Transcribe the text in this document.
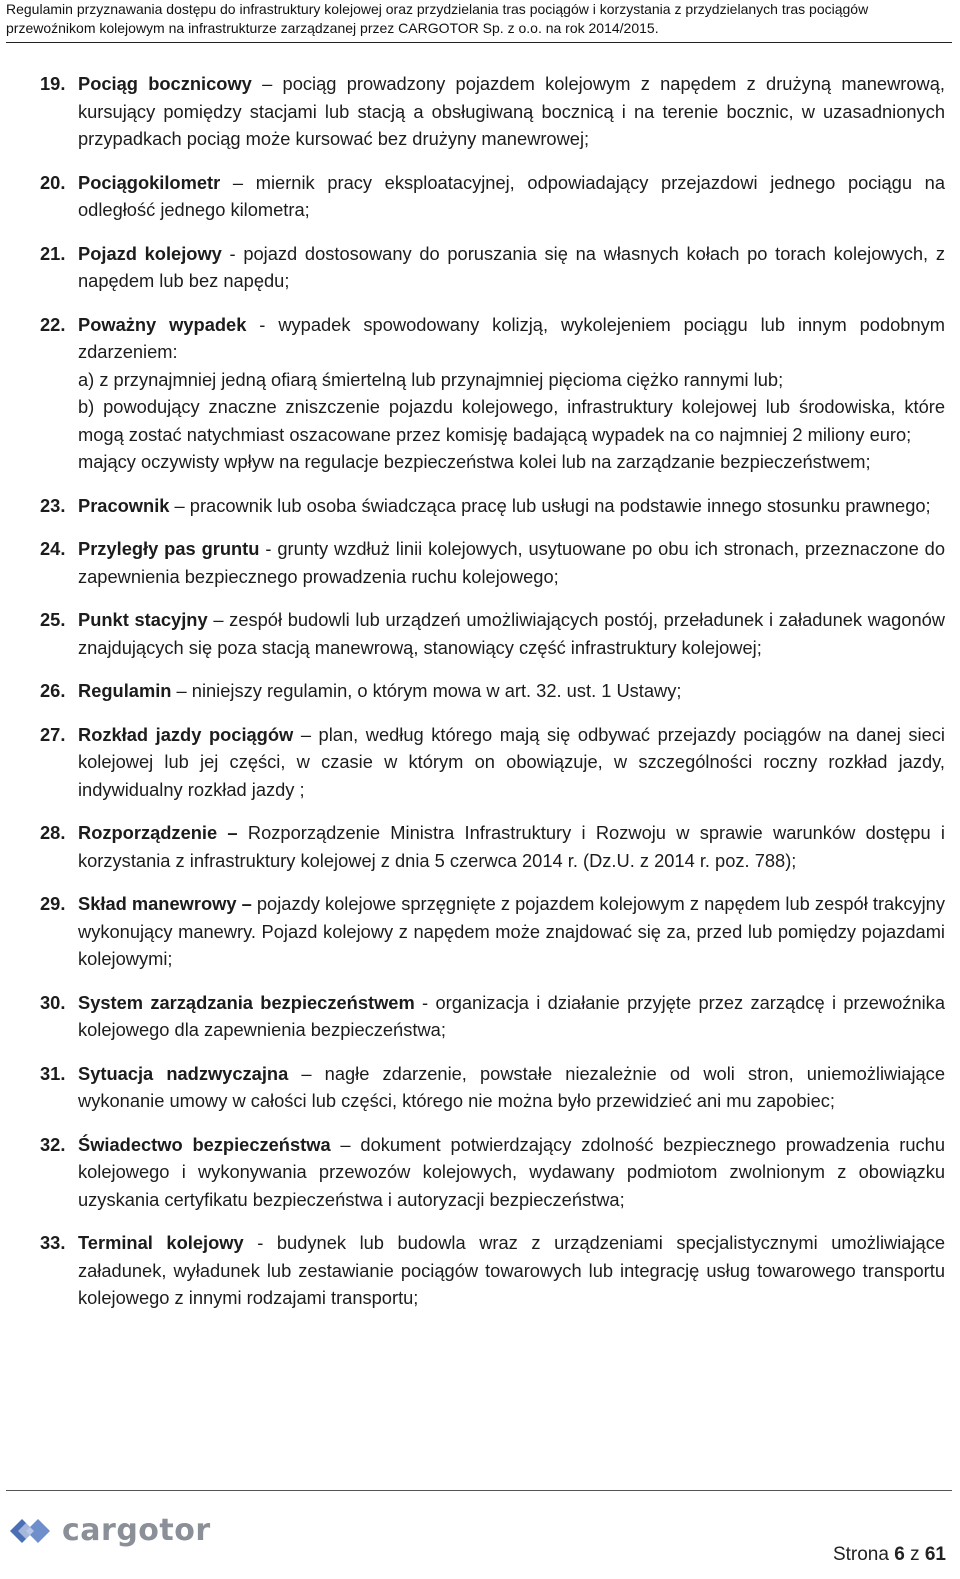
Regulamin przyznawania dostępu do infrastruktury kolejowej oraz przydzielania tras pociągów i korzystania z przydzielanych tras pociągów
przewoźnikom kolejowym na infrastrukturze zarządzanej przez CARGOTOR Sp. z o.o. na rok 2014/2015.
19. Pociąg bocznicowy – pociąg prowadzony pojazdem kolejowym z napędem z drużyną manewrową, kursujący pomiędzy stacjami lub stacją a obsługiwaną bocznicą i na terenie bocznic, w uzasadnionych przypadkach pociąg może kursować bez drużyny manewrowej;

20. Pociągokilometr – miernik pracy eksploatacyjnej, odpowiadający przejazdowi jednego pociągu na odległość jednego kilometra;

21. Pojazd kolejowy - pojazd dostosowany do poruszania się na własnych kołach po torach kolejowych, z napędem lub bez napędu;

22. Poważny wypadek - wypadek spowodowany kolizją, wykolejeniem pociągu lub innym podobnym zdarzeniem:

a) z przynajmniej jedną ofiarą śmiertelną lub przynajmniej pięcioma ciężko rannymi lub;

b) powodujący znaczne zniszczenie pojazdu kolejowego, infrastruktury kolejowej lub środowiska, które mogą zostać natychmiast oszacowane przez komisję badającą wypadek na co najmniej 2 miliony euro;

mający oczywisty wpływ na regulacje bezpieczeństwa kolei lub na zarządzanie bezpieczeństwem;

23. Pracownik – pracownik lub osoba świadcząca pracę lub usługi na podstawie innego stosunku prawnego;

24. Przyległy pas gruntu - grunty wzdłuż linii kolejowych, usytuowane po obu ich stronach, przeznaczone do zapewnienia bezpiecznego prowadzenia ruchu kolejowego;

25. Punkt stacyjny – zespół budowli lub urządzeń umożliwiających postój, przeładunek i załadunek wagonów znajdujących się poza stacją manewrową, stanowiący część infrastruktury kolejowej;

26. Regulamin – niniejszy regulamin, o którym mowa w art. 32. ust. 1 Ustawy;

27. Rozkład jazdy pociągów – plan, według którego mają się odbywać przejazdy pociągów na danej sieci kolejowej lub jej części, w czasie w którym on obowiązuje, w szczególności roczny rozkład jazdy, indywidualny rozkład jazdy ;

28. Rozporządzenie – Rozporządzenie Ministra Infrastruktury i Rozwoju w sprawie warunków dostępu i korzystania z infrastruktury kolejowej z dnia 5 czerwca 2014 r. (Dz.U. z 2014 r. poz. 788);

29. Skład manewrowy – pojazdy kolejowe sprzęgnięte z pojazdem kolejowym z napędem lub zespół trakcyjny wykonujący manewry. Pojazd kolejowy z napędem może znajdować się za, przed lub pomiędzy pojazdami kolejowymi;

30. System zarządzania bezpieczeństwem - organizacja i działanie przyjęte przez zarządcę i przewoźnika kolejowego dla zapewnienia bezpieczeństwa;

31. Sytuacja nadzwyczajna – nagłe zdarzenie, powstałe niezależnie od woli stron, uniemożliwiające wykonanie umowy w całości lub części, którego nie można było przewidzieć ani mu zapobiec;

32. Świadectwo bezpieczeństwa – dokument potwierdzający zdolność bezpiecznego prowadzenia ruchu kolejowego i wykonywania przewozów kolejowych, wydawany podmiotom zwolnionym z obowiązku uzyskania certyfikatu bezpieczeństwa i autoryzacji bezpieczeństwa;

33. Terminal kolejowy - budynek lub budowla wraz z urządzeniami specjalistycznymi umożliwiające załadunek, wyładunek lub zestawianie pociągów towarowych lub integrację usług towarowego transportu kolejowego z innymi rodzajami transportu;

cargotor
Strona 6 z 61
